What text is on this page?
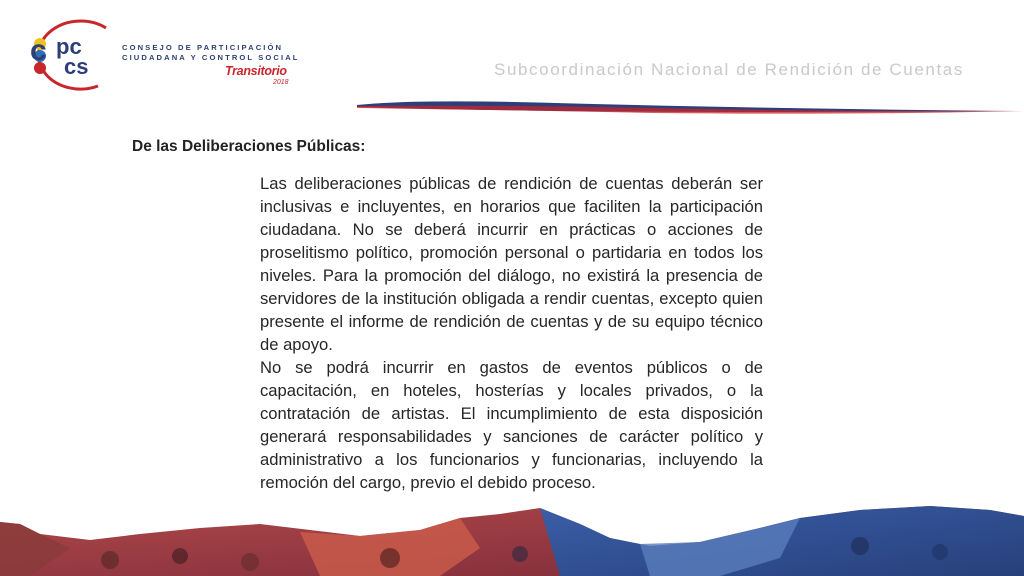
c pc
cs
CONSEJO DE PARTICIPACIÓN
CIUDADANA Y CONTROL SOCIAL
Transitorio
2018
Subcoordinación Nacional de Rendición de Cuentas
De las Deliberaciones Públicas:

Las deliberaciones públicas de rendición de cuentas deberán ser inclusivas e incluyentes, en horarios que faciliten la participación ciudadana. No se deberá incurrir en prácticas o acciones de proselitismo político, promoción personal o partidaria en todos los niveles. Para la promoción del diálogo, no existirá la presencia de servidores de la institución obligada a rendir cuentas, excepto quien presente el informe de rendición de cuentas y de su equipo técnico de apoyo.

No se podrá incurrir en gastos de eventos públicos o de capacitación, en hoteles, hosterías y locales privados, o la contratación de artistas. El incumplimiento de esta disposición generará responsabilidades y sanciones de carácter político y administrativo a los funcionarios y funcionarias, incluyendo la remoción del cargo, previo el debido proceso.
